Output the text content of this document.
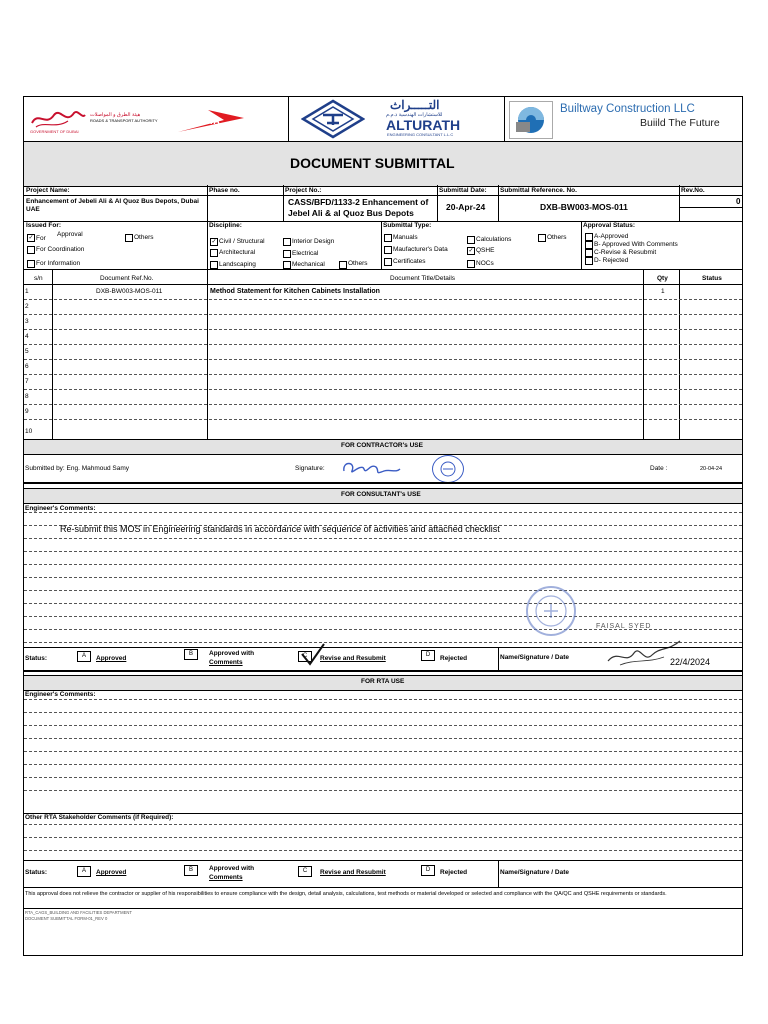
GOVERNMENT OF DUBAI
هيئة الطرق و المواصلات
ROADS & TRANSPORT AUTHORITY	RTA
التـــــراث
للاستشارات الهندسية ذ.م.م
ALTURATH
ENGINEERING CONSULTANT L.L.C
Builtway Construction LLC
Buiild The Future
DOCUMENT SUBMITTAL
Project Name:
Enhancement of Jebeli Ali & Al Quoz Bus Depots, Dubai UAE
Phase no.	Project No.:
CASS/BFD/1133-2 Enhancement of Jebel Ali & al Quoz Bus Depots
Submittal Date:
20-Apr-24
Submittal Reference. No.
DXB-BW003-MOS-011
Rev.No.
0
Issued For:
✓ For
Approval	Others
For Coordination
For Information
Discipline:
✓ Civil / Structural	Interior Design
Architectural	Electrical
Landscaping	Mechanical	Others
Submittal Type:
Manuals	Calculations	Others
Maufacturer's Data	✓ QSHE
Certificates	NOCs
Approval Status:
A-Approved
B- Approved With Comments
C-Revise & Resubmit
D- Rejected
s/n	Document Ref.No.	Document Title/Details	Qty	Status
1	DXB-BW003-MOS-011	Method Statement for Kitchen Cabinets Installation	1
2
3
4
5
6
7
8
9
10
FOR CONTRACTOR's USE
Submitted by: Eng. Mahmoud Samy	Signature:	Date :	20-04-24
FOR CONSULTANT's USE
Engineer's Comments:
Re-submit this MOS in Engineering standards in accordance with sequence of activities and attached checklist
FAISAL SYED
Status:	A	Approved
B	Approved with
Comments
C	Revise and Resubmit	D	Rejected	Name/Signature / Date	22/4/2024
FOR RTA USE
Engineer's Comments:
Other RTA Stakeholder Comments (if Required):
Status:	A	Approved	B	Approved with
Comments
C	Revise and Resubmit	D	Rejected	Name/Signature / Date
This approval does not relieve the contractor or supplier of his responsibilities to ensure compliance with the design, detail analysis, calculations, test methods or material developed or selected and compliance with the QA/QC and QSHE requirements or standards.
RTA_CAGS_BUILDING AND FACILITIES DEPARTMENT
DOCUMENT SUBMITTAL FORM-01_REV 0
